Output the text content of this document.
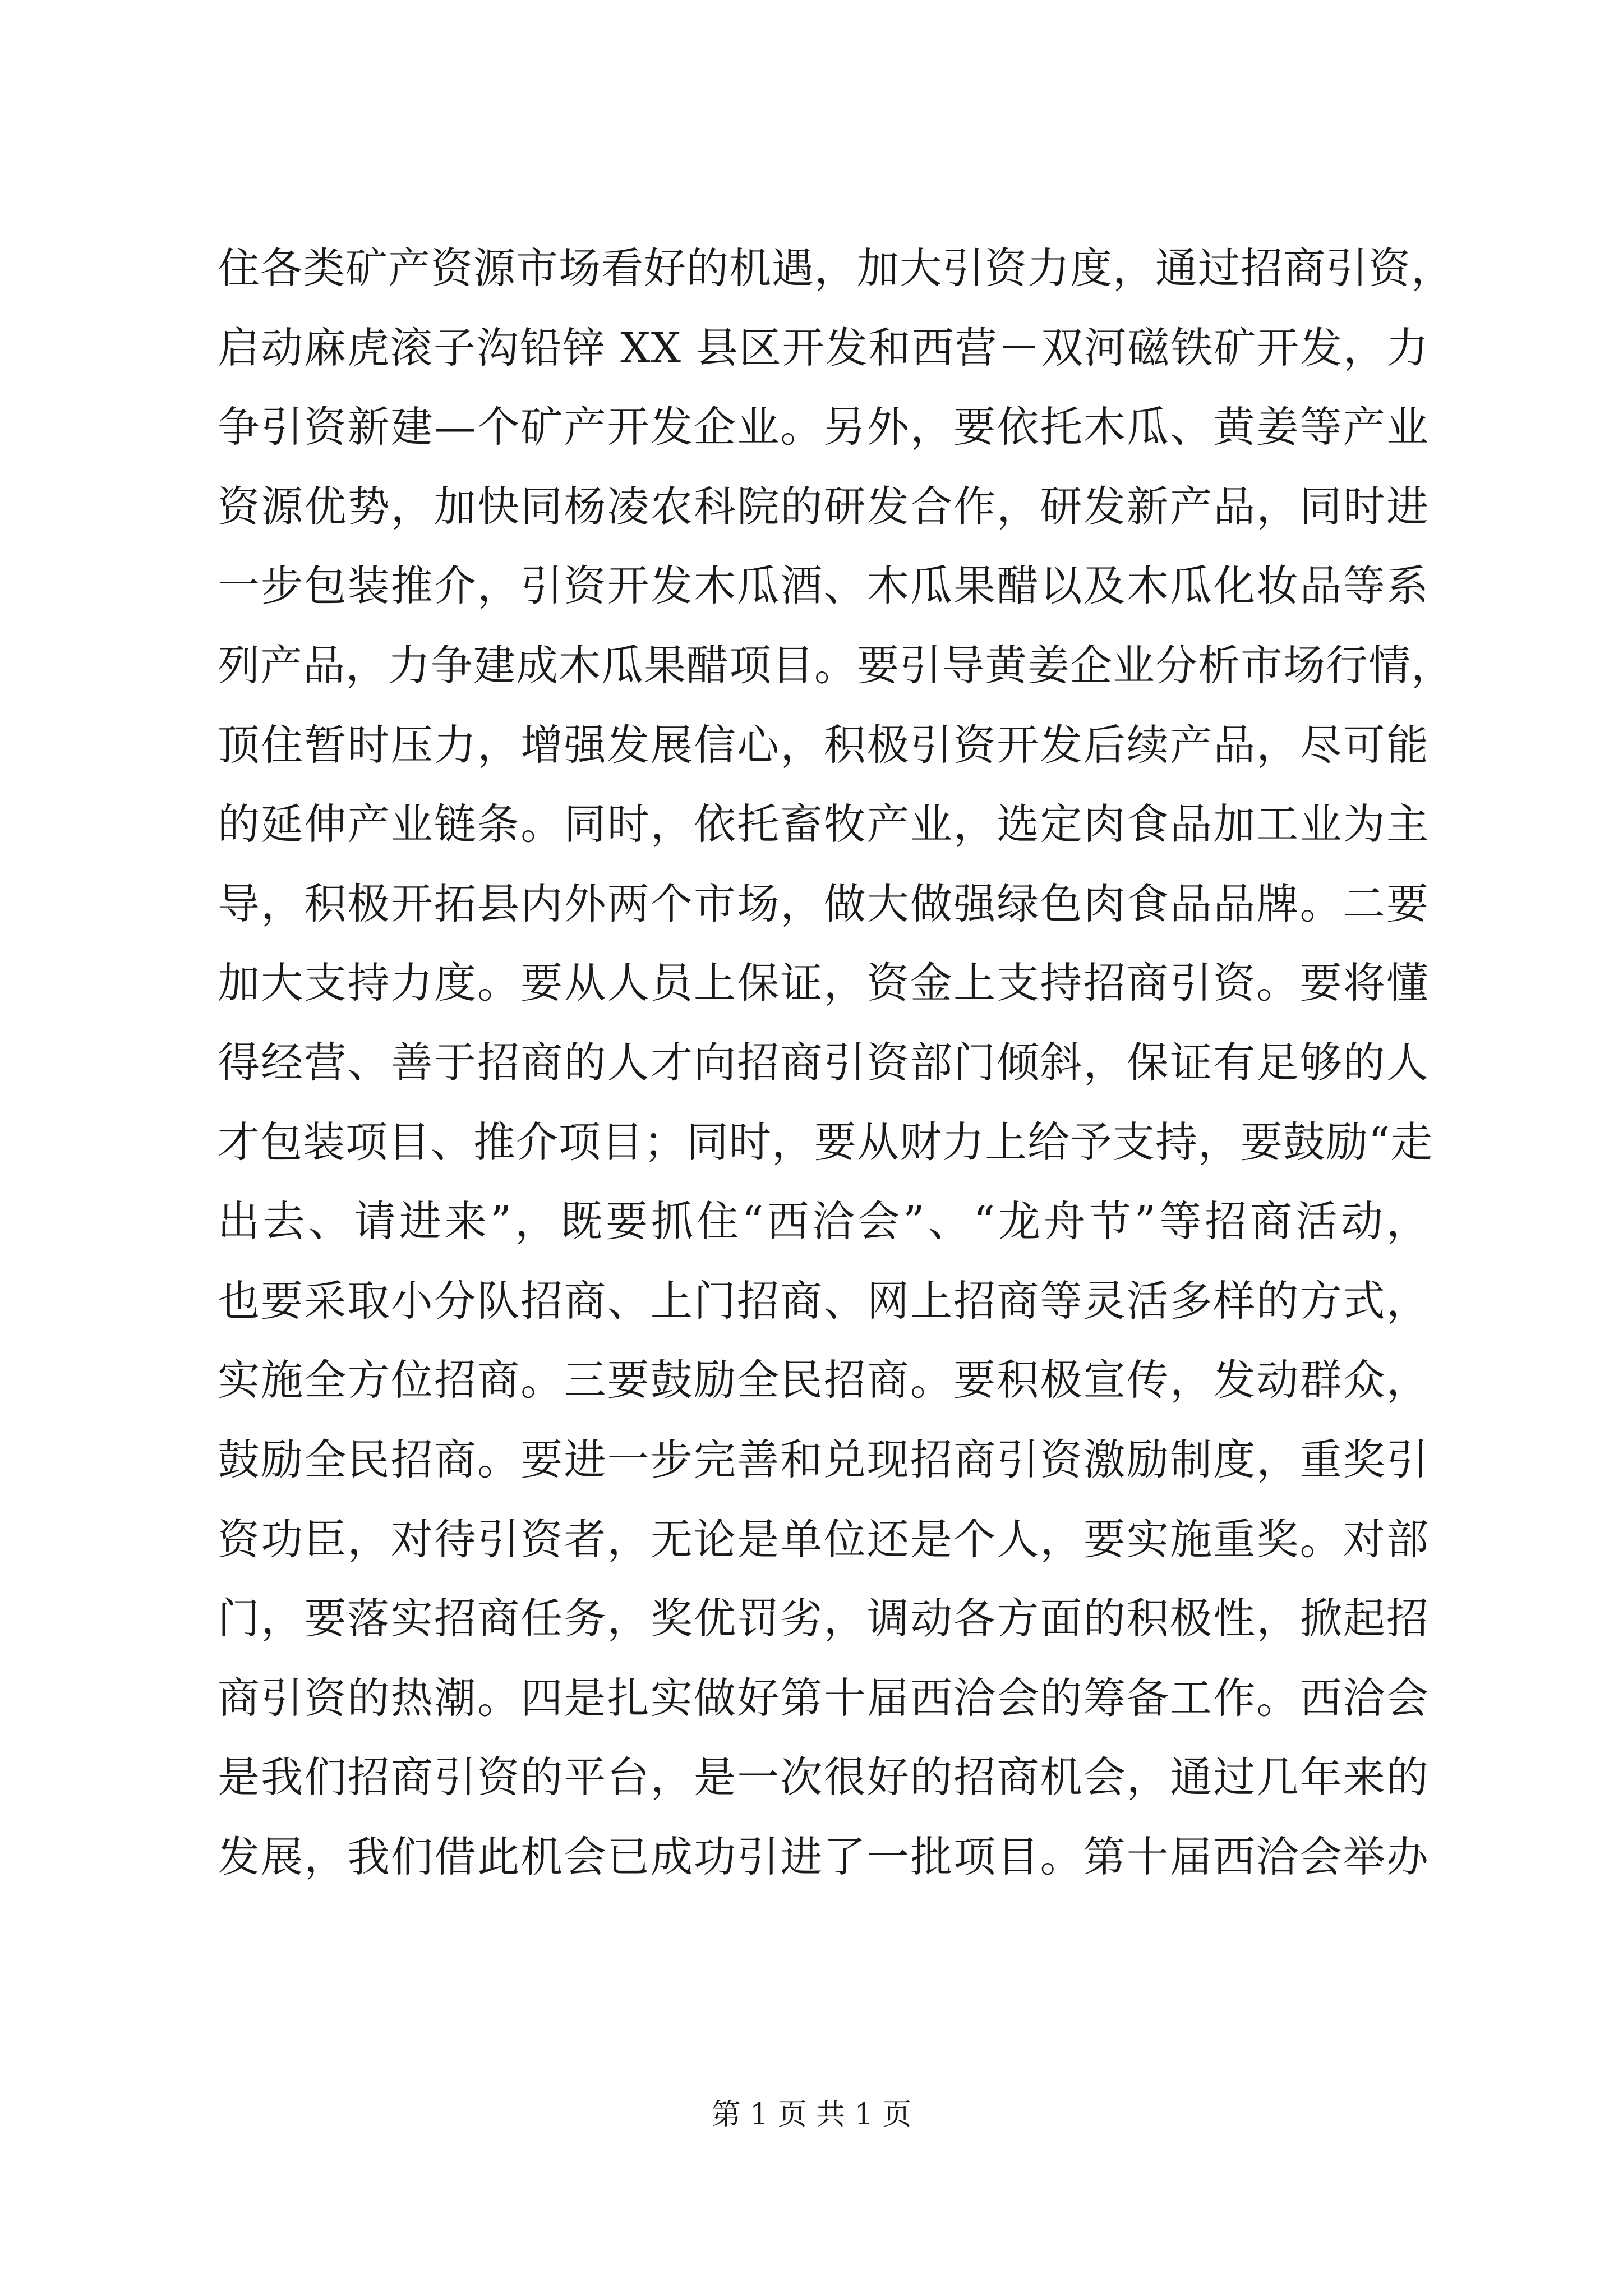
住各类矿产资源市场看好的机遇，加大引资力度，通过招商引资，
启动麻虎滚子沟铅锌 XX 县区开发和西营－双河磁铁矿开发，力
争引资新建—个矿产开发企业。另外，要依托木瓜、黄姜等产业
资源优势，加快同杨凌农科院的研发合作，研发新产品，同时进
一步包装推介，引资开发木瓜酒、木瓜果醋以及木瓜化妆品等系
列产品，力争建成木瓜果醋项目。要引导黄姜企业分析市场行情，
顶住暂时压力，增强发展信心，积极引资开发后续产品，尽可能
的延伸产业链条。同时，依托畜牧产业，选定肉食品加工业为主
导，积极开拓县内外两个市场，做大做强绿色肉食品品牌。二要
加大支持力度。要从人员上保证，资金上支持招商引资。要将懂
得经营、善于招商的人才向招商引资部门倾斜，保证有足够的人
才包装项目、推介项目；同时，要从财力上给予支持，要鼓励“走
出去、请进来”，既要抓住“西洽会”、“龙舟节”等招商活动，
也要采取小分队招商、上门招商、网上招商等灵活多样的方式，
实施全方位招商。三要鼓励全民招商。要积极宣传，发动群众，
鼓励全民招商。要进一步完善和兑现招商引资激励制度，重奖引
资功臣，对待引资者，无论是单位还是个人，要实施重奖。对部
门，要落实招商任务，奖优罚劣，调动各方面的积极性，掀起招
商引资的热潮。四是扎实做好第十届西洽会的筹备工作。西洽会
是我们招商引资的平台，是一次很好的招商机会，通过几年来的
发展，我们借此机会已成功引进了一批项目。第十届西洽会举办
第 1 页 共 1 页
